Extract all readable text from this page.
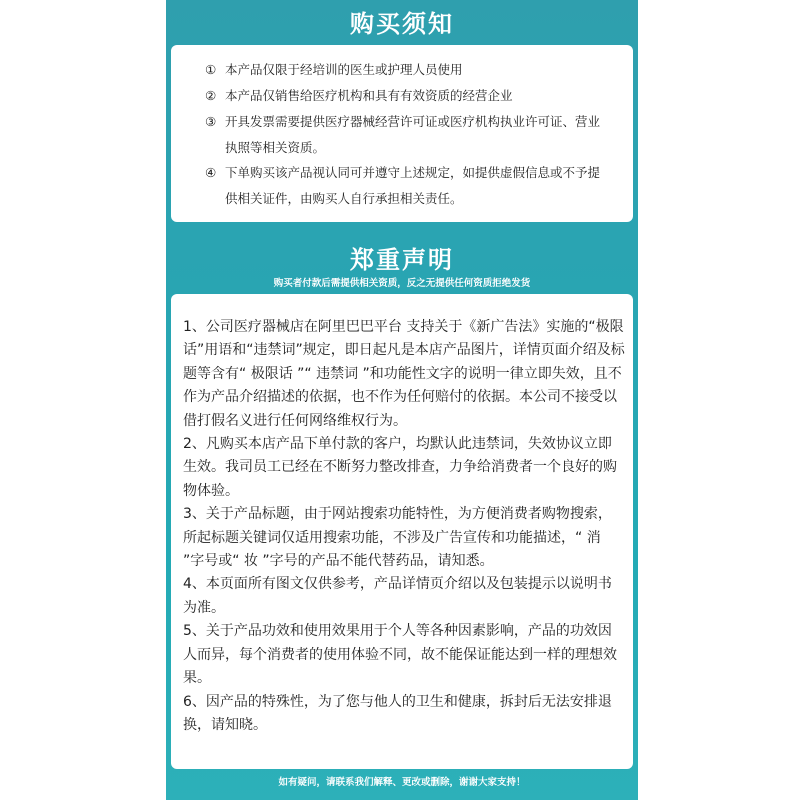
购买须知
① 本产品仅限于经培训的医生或护理人员使用
② 本产品仅销售给医疗机构和具有有效资质的经营企业
③ 开具发票需要提供医疗器械经营许可证或医疗机构执业许可证、营业执照等相关资质。
④ 下单购买该产品视认同可并遵守上述规定，如提供虚假信息或不予提供相关证件，由购买人自行承担相关责任。
郑重声明
购买者付款后需提供相关资质，反之无提供任何资质拒绝发货

1、公司医疗器械店在阿里巴巴平台 支持关于《新广告法》实施的“极限话”用语和“违禁词”规定，即日起凡是本店产品图片，详情页面介绍及标题等含有“ 极限话 ”“ 违禁词 ”和功能性文字的说明一律立即失效，且不作为产品介绍描述的依据，也不作为任何赔付的依据。本公司不接受以借打假名义进行任何网络维权行为。

2、凡购买本店产品下单付款的客户，均默认此违禁词，失效协议立即生效。我司员工已经在不断努力整改排查，力争给消费者一个良好的购物体验。

3、关于产品标题，由于网站搜索功能特性，为方便消费者购物搜索，所起标题关键词仅适用搜索功能，不涉及广告宣传和功能描述，“ 消 ”字号或“ 妆 ”字号的产品不能代替药品，请知悉。

4、本页面所有图文仅供参考，产品详情页介绍以及包装提示以说明书为准。

5、关于产品功效和使用效果用于个人等各种因素影响，产品的功效因人而异，每个消费者的使用体验不同，故不能保证能达到一样的理想效果。

6、因产品的特殊性，为了您与他人的卫生和健康，拆封后无法安排退换，请知晓。

如有疑问，请联系我们解释、更改或删除，谢谢大家支持！
